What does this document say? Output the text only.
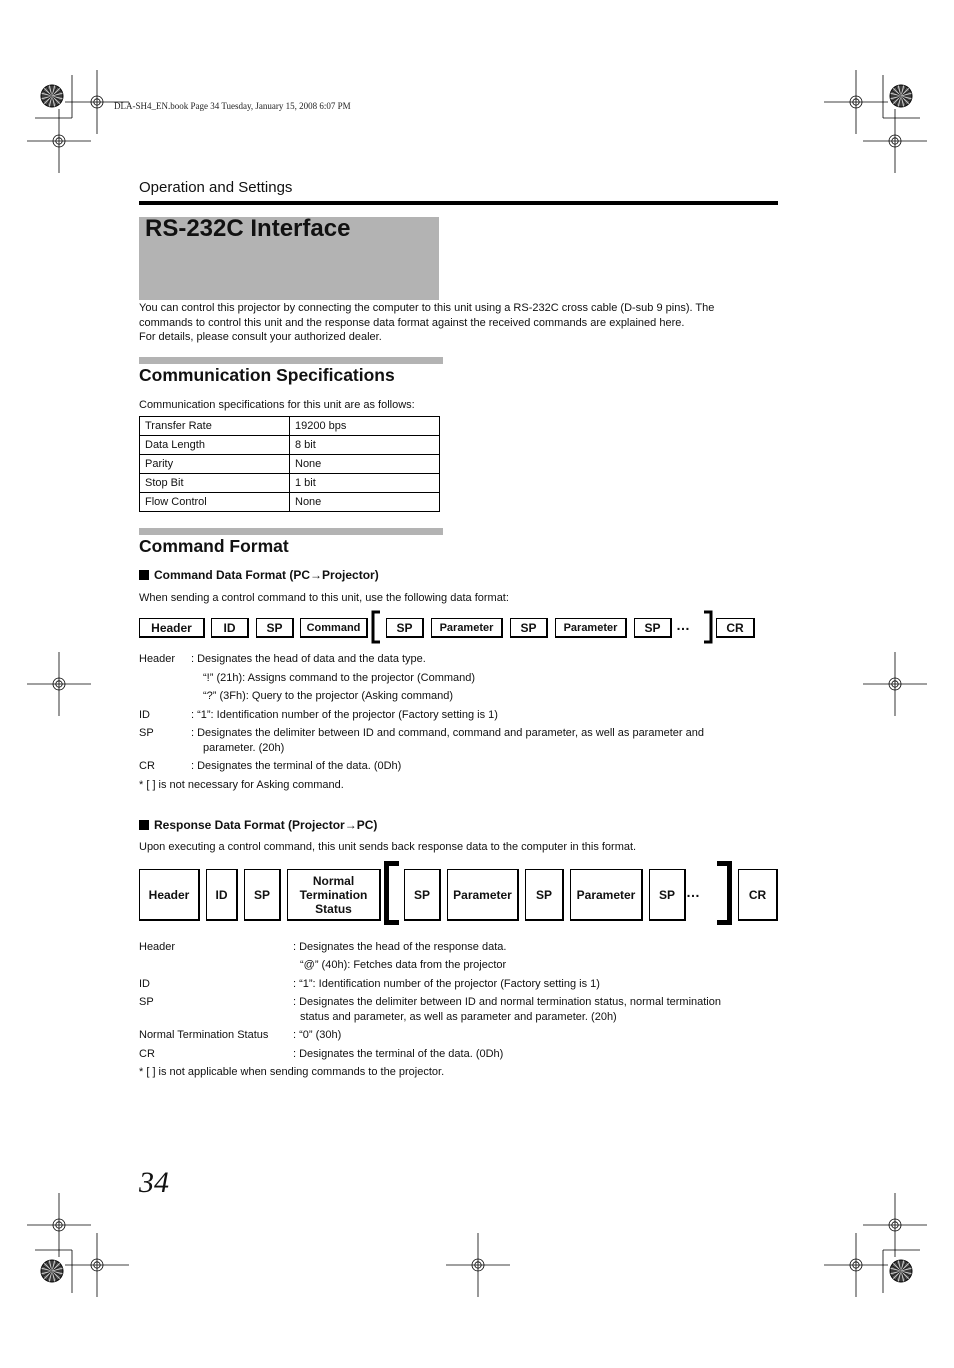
DLA-SH4_EN.book Page 34 Tuesday, January 15, 2008 6:07 PM
Operation and Settings
RS-232C Interface
You can control this projector by connecting the computer to this unit using a RS-232C cross cable (D-sub 9 pins). The
commands to control this unit and the response data format against the received commands are explained here.
For details, please consult your authorized dealer.
Communication Specifications
Communication specifications for this unit are as follows:
Transfer Rate	19200 bps
Data Length	8 bit
Parity	None
Stop Bit	1 bit
Flow Control	None
Command Format
Command Data Format (PC→Projector)
When sending a control command to this unit, use the following data format:
Header	ID	SP	Command	SP	Parameter	SP	Parameter	SP	…	CR
Header : Designates the head of data and the data type.
“!” (21h): Assigns command to the projector (Command)
“?” (3Fh): Query to the projector (Asking command)
ID	: “1”: Identification number of the projector (Factory setting is 1)
SP	: Designates the delimiter between ID and command, command and parameter, as well as parameter and
parameter. (20h)
CR	: Designates the terminal of the data. (0Dh)
* [ ] is not necessary for Asking command.
Response Data Format (Projector→PC)
Upon executing a control command, this unit sends back response data to the computer in this format.
Header	ID	SP
Normal
Termination
Status
SP	Parameter	SP	Parameter	SP …	CR
Header	: Designates the head of the response data.
“@” (40h): Fetches data from the projector
ID	: “1”: Identification number of the projector (Factory setting is 1)
SP	: Designates the delimiter between ID and normal termination status, normal termination
status and parameter, as well as parameter and parameter. (20h)
Normal Termination Status : “0” (30h)
CR	: Designates the terminal of the data. (0Dh)
* [ ] is not applicable when sending commands to the projector.
34
